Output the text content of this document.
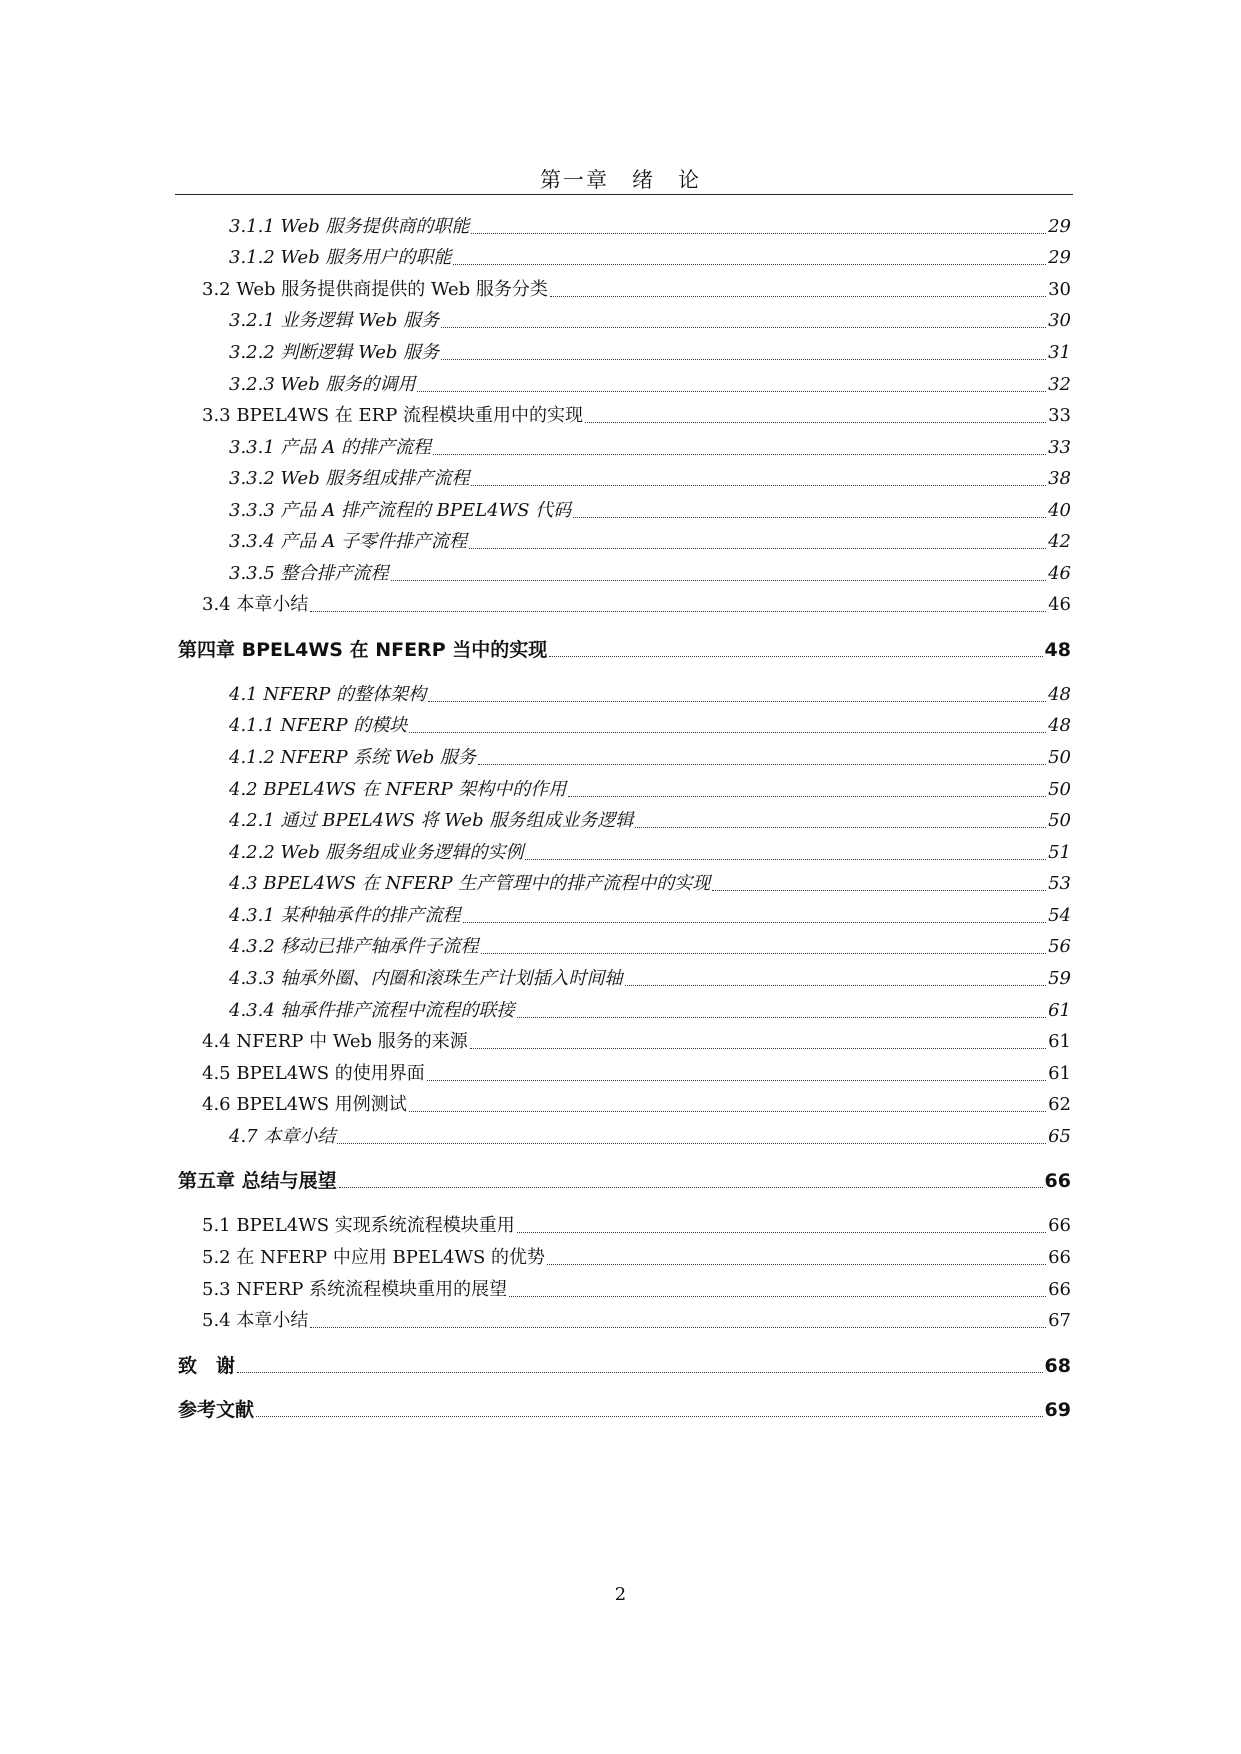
第一章　绪　论
3.1.1 Web 服务提供商的职能	29
3.1.2 Web 服务用户的职能	29
3.2 Web 服务提供商提供的 Web 服务分类	30
3.2.1 业务逻辑 Web 服务	30
3.2.2 判断逻辑 Web 服务	31
3.2.3 Web 服务的调用	32
3.3 BPEL4WS 在 ERP 流程模块重用中的实现	33
3.3.1 产品 A 的排产流程	33
3.3.2 Web 服务组成排产流程	38
3.3.3 产品 A 排产流程的 BPEL4WS 代码	40
3.3.4 产品 A 子零件排产流程	42
3.3.5 整合排产流程	46
3.4 本章小结	46
第四章 BPEL4WS 在 NFERP 当中的实现	48
4.1 NFERP 的整体架构	48
4.1.1 NFERP 的模块	48
4.1.2 NFERP 系统 Web 服务	50
4.2 BPEL4WS 在 NFERP 架构中的作用	50
4.2.1 通过 BPEL4WS 将 Web 服务组成业务逻辑	50
4.2.2 Web 服务组成业务逻辑的实例	51
4.3 BPEL4WS 在 NFERP 生产管理中的排产流程中的实现	53
4.3.1 某种轴承件的排产流程	54
4.3.2 移动已排产轴承件子流程	56
4.3.3 轴承外圈、内圈和滚珠生产计划插入时间轴	59
4.3.4 轴承件排产流程中流程的联接	61
4.4 NFERP 中 Web 服务的来源	61
4.5 BPEL4WS 的使用界面	61
4.6 BPEL4WS 用例测试	62
4.7 本章小结	65
第五章 总结与展望	66
5.1 BPEL4WS 实现系统流程模块重用	66
5.2 在 NFERP 中应用 BPEL4WS 的优势	66
5.3 NFERP 系统流程模块重用的展望	66
5.4 本章小结	67
致　谢	68
参考文献	69
2
